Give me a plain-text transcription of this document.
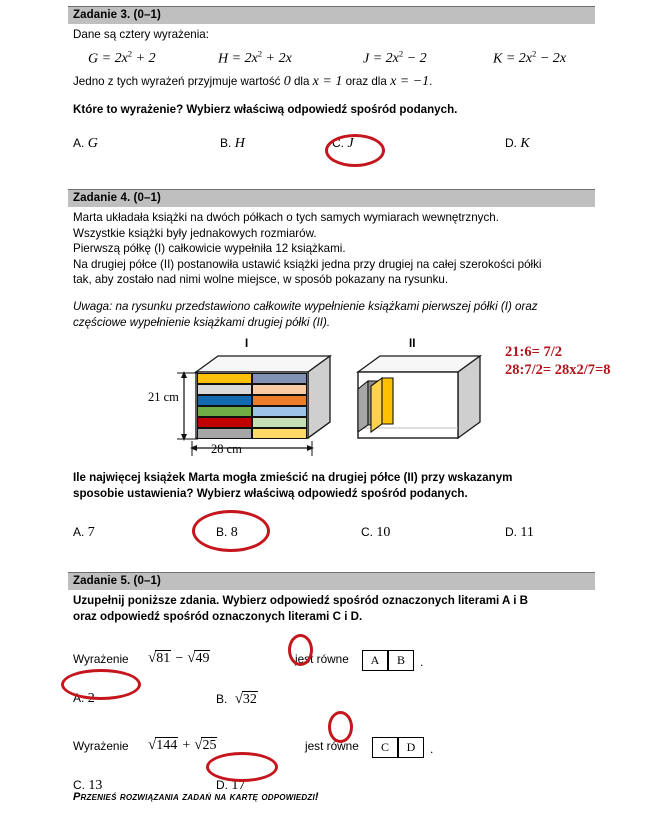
Zadanie 3. (0–1)
Dane są cztery wyrażenia:
$G = 2x^2 + 2$	$H = 2x^2 + 2x$	$J = 2x^2 - 2$	$K = 2x^2 - 2x$
Jedno z tych wyrażeń przyjmuje wartość 0 dla x = 1 oraz dla x = −1.
Które to wyrażenie? Wybierz właściwą odpowiedź spośród podanych.
A. G	B. H	C. J	D. K
Zadanie 4. (0–1)
Marta układała książki na dwóch półkach o tych samych wymiarach wewnętrznych.
Wszystkie książki były jednakowych rozmiarów.
Pierwszą półkę (I) całkowicie wypełniła 12 książkami.
Na drugiej półce (II) postanowiła ustawić książki jedna przy drugiej na całej szerokości półki
tak, aby zostało nad nimi wolne miejsce, w sposób pokazany na rysunku.
Uwaga: na rysunku przedstawiono całkowite wypełnienie książkami pierwszej półki (I) oraz
częściowe wypełnienie książkami drugiej półki (II).
I	II
21 cm
28 cm
21:6= 7/2
28:7/2= 28x2/7=8
Ile najwięcej książek Marta mogła zmieścić na drugiej półce (II) przy wskazanym
sposobie ustawienia? Wybierz właściwą odpowiedź spośród podanych.
A. 7	B. 8	C. 10	D. 11
Zadanie 5. (0–1)
Uzupełnij poniższe zdania. Wybierz odpowiedź spośród oznaczonych literami A i B
oraz odpowiedź spośród oznaczonych literami C i D.
Wyrażenie √81 − √49	jest równe	A	B	.
A. 2	B. √32
Wyrażenie √144 + √25	jest równe	C	D	.
C. 13	D. 17
Przenieś rozwiązania zadań na kartę odpowiedzi!
